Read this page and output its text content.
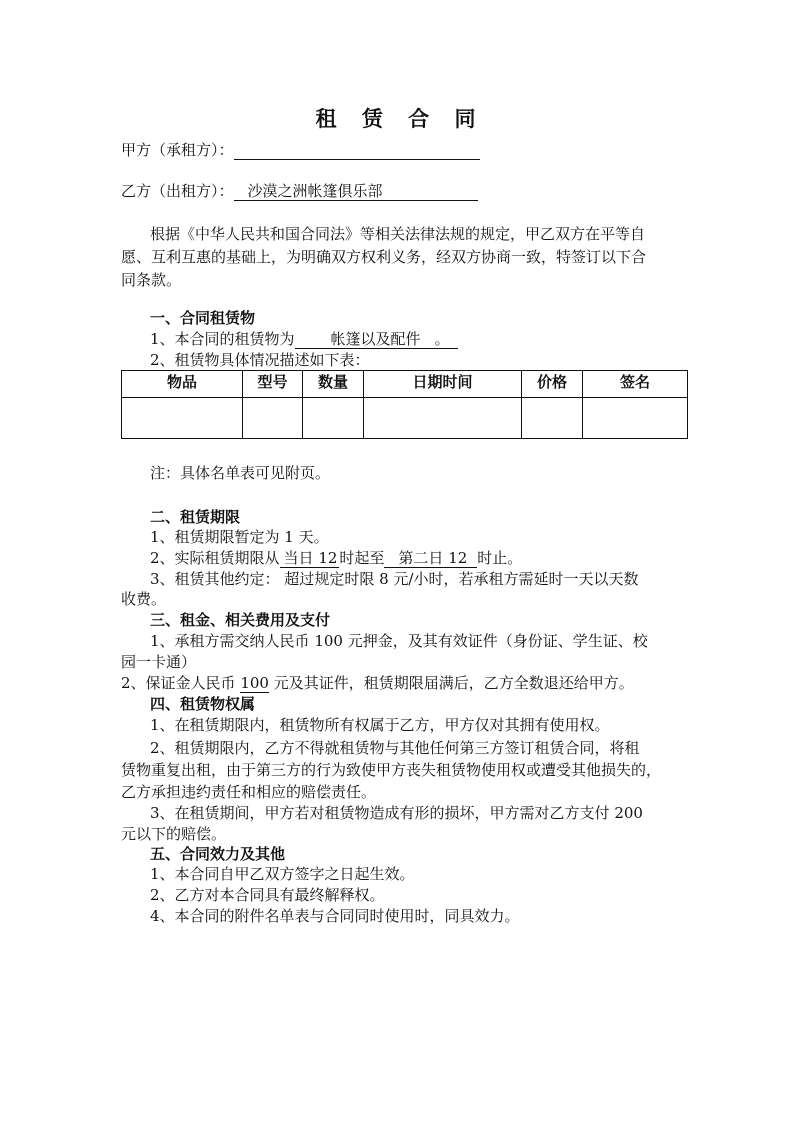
租 赁 合 同
甲方（承租方）：
乙方（出租方）： 沙漠之洲帐篷俱乐部
根据《中华人民共和国合同法》等相关法律法规的规定，甲乙双方在平等自
愿、互利互惠的基础上，为明确双方权利义务，经双方协商一致，特签订以下合
同条款。
一、合同租赁物
1、本合同的租赁物为 帐篷以及配件 。
2、租赁物具体情况描述如下表：
物品	型号	数量	日期时间	价格	签名

注：具体名单表可见附页。
二、租赁期限
1、租赁期限暂定为 1 天。
2、实际租赁期限从 当日 12 时起至 第二日 12 时止。
3、租赁其他约定： 超过规定时限 8 元/小时，若承租方需延时一天以天数
收费。
三、租金、相关费用及支付
1、承租方需交纳人民币 100 元押金，及其有效证件（身份证、学生证、校
园一卡通）
2、保证金人民币 100 元及其证件，租赁期限届满后，乙方全数退还给甲方。
四、租赁物权属
1、在租赁期限内，租赁物所有权属于乙方，甲方仅对其拥有使用权。
2、租赁期限内，乙方不得就租赁物与其他任何第三方签订租赁合同，将租
赁物重复出租，由于第三方的行为致使甲方丧失租赁物使用权或遭受其他损失的，
乙方承担违约责任和相应的赔偿责任。
3、在租赁期间，甲方若对租赁物造成有形的损坏，甲方需对乙方支付 200
元以下的赔偿。
五、合同效力及其他
1、本合同自甲乙双方签字之日起生效。
2、乙方对本合同具有最终解释权。
4、本合同的附件名单表与合同同时使用时，同具效力。
